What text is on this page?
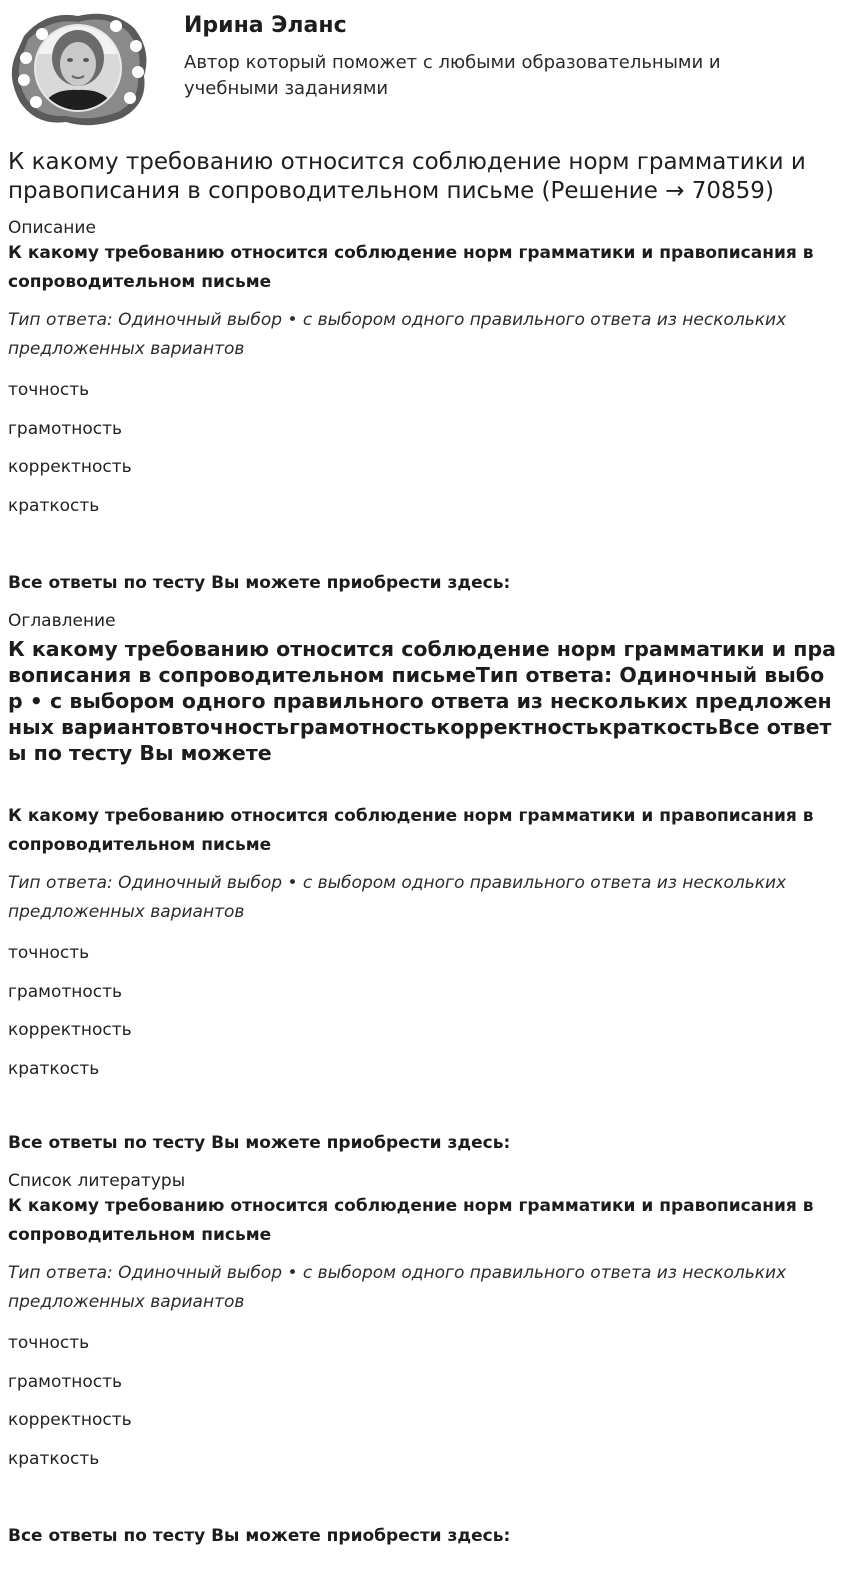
Ирина Эланс
Автор который поможет с любыми образовательными и учебными заданиями
К какому требованию относится соблюдение норм грамматики и правописания в сопроводительном письме (Решение → 70859)
Описание
К какому требованию относится соблюдение норм грамматики и правописания в сопроводительном письме
Тип ответа: Одиночный выбор • с выбором одного правильного ответа из нескольких предложенных вариантов
точность
грамотность
корректность
краткость
Все ответы по тесту Вы можете приобрести здесь:
Оглавление
К какому требованию относится соблюдение норм грамматики и правописания в сопроводительном письмеТип ответа: Одиночный выбор • с выбором одного правильного ответа из нескольких предложенных вариантовточностьграмотностькорректностькраткостьВсе ответы по тесту Вы можете
К какому требованию относится соблюдение норм грамматики и правописания в сопроводительном письме
Тип ответа: Одиночный выбор • с выбором одного правильного ответа из нескольких предложенных вариантов
точность
грамотность
корректность
краткость
Все ответы по тесту Вы можете приобрести здесь:
Список литературы
К какому требованию относится соблюдение норм грамматики и правописания в сопроводительном письме
Тип ответа: Одиночный выбор • с выбором одного правильного ответа из нескольких предложенных вариантов
точность
грамотность
корректность
краткость
Все ответы по тесту Вы можете приобрести здесь:
